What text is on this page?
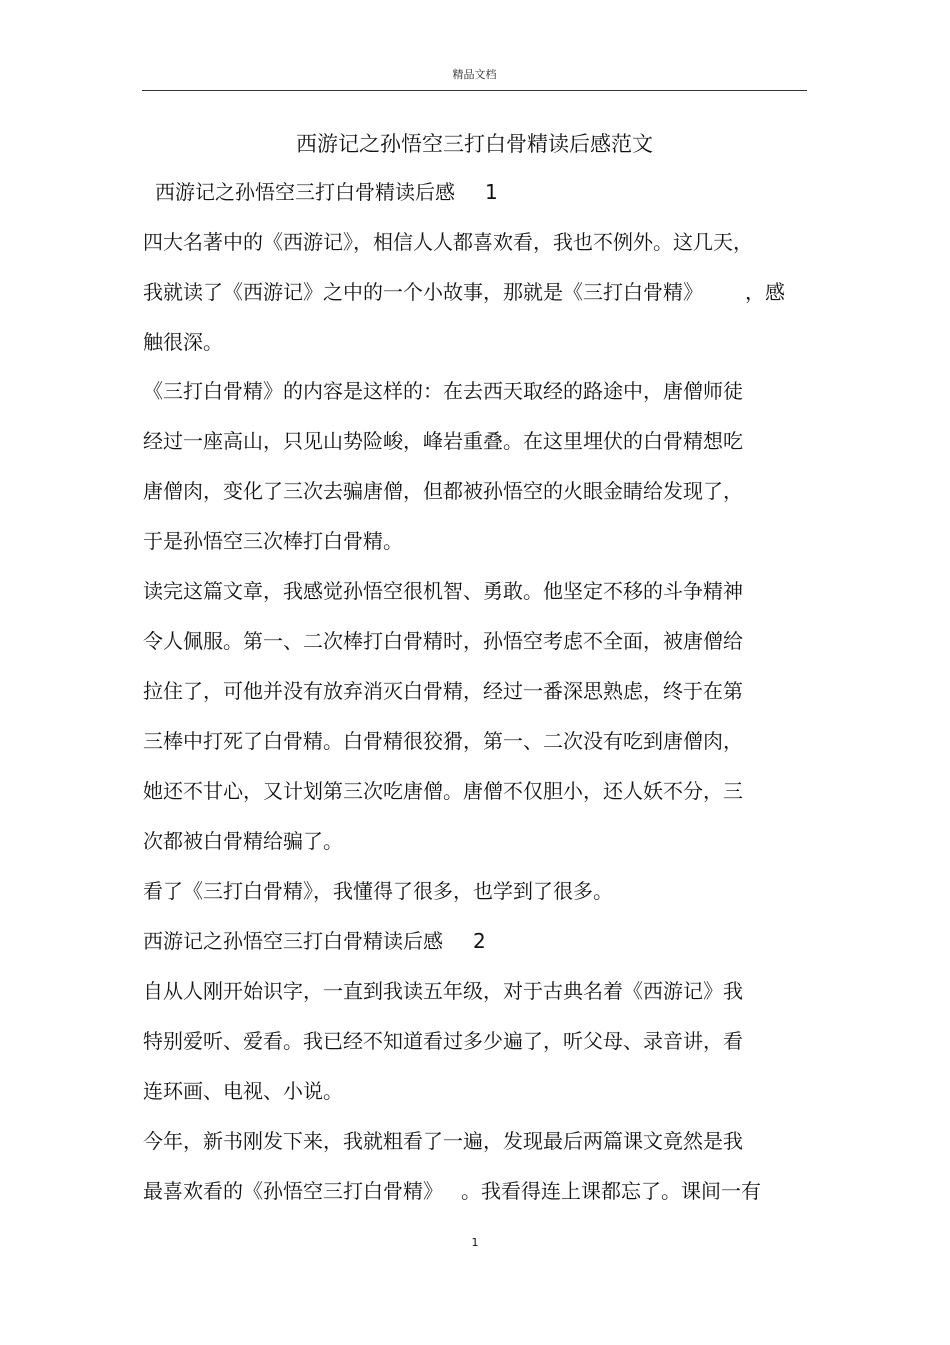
精品文档
西游记之孙悟空三打白骨精读后感范文
西游记之孙悟空三打白骨精读后感 1
四大名著中的《西游记》，相信人人都喜欢看，我也不例外。这几天，
我就读了《西游记》之中的一个小故事，那就是《三打白骨精》 ，感
触很深。
《三打白骨精》的内容是这样的：在去西天取经的路途中，唐僧师徒
经过一座高山，只见山势险峻，峰岩重叠。在这里埋伏的白骨精想吃
唐僧肉，变化了三次去骗唐僧，但都被孙悟空的火眼金睛给发现了，
于是孙悟空三次棒打白骨精。
读完这篇文章，我感觉孙悟空很机智、勇敢。他坚定不移的斗争精神
令人佩服。第一、二次棒打白骨精时，孙悟空考虑不全面，被唐僧给
拉住了，可他并没有放弃消灭白骨精，经过一番深思熟虑，终于在第
三棒中打死了白骨精。白骨精很狡猾，第一、二次没有吃到唐僧肉，
她还不甘心，又计划第三次吃唐僧。唐僧不仅胆小，还人妖不分，三
次都被白骨精给骗了。
看了《三打白骨精》，我懂得了很多，也学到了很多。
西游记之孙悟空三打白骨精读后感 2
自从人刚开始识字，一直到我读五年级，对于古典名着《西游记》我
特别爱听、爱看。我已经不知道看过多少遍了，听父母、录音讲，看
连环画、电视、小说。
今年，新书刚发下来，我就粗看了一遍，发现最后两篇课文竟然是我
最喜欢看的《孙悟空三打白骨精》 。我看得连上课都忘了。课间一有
1
